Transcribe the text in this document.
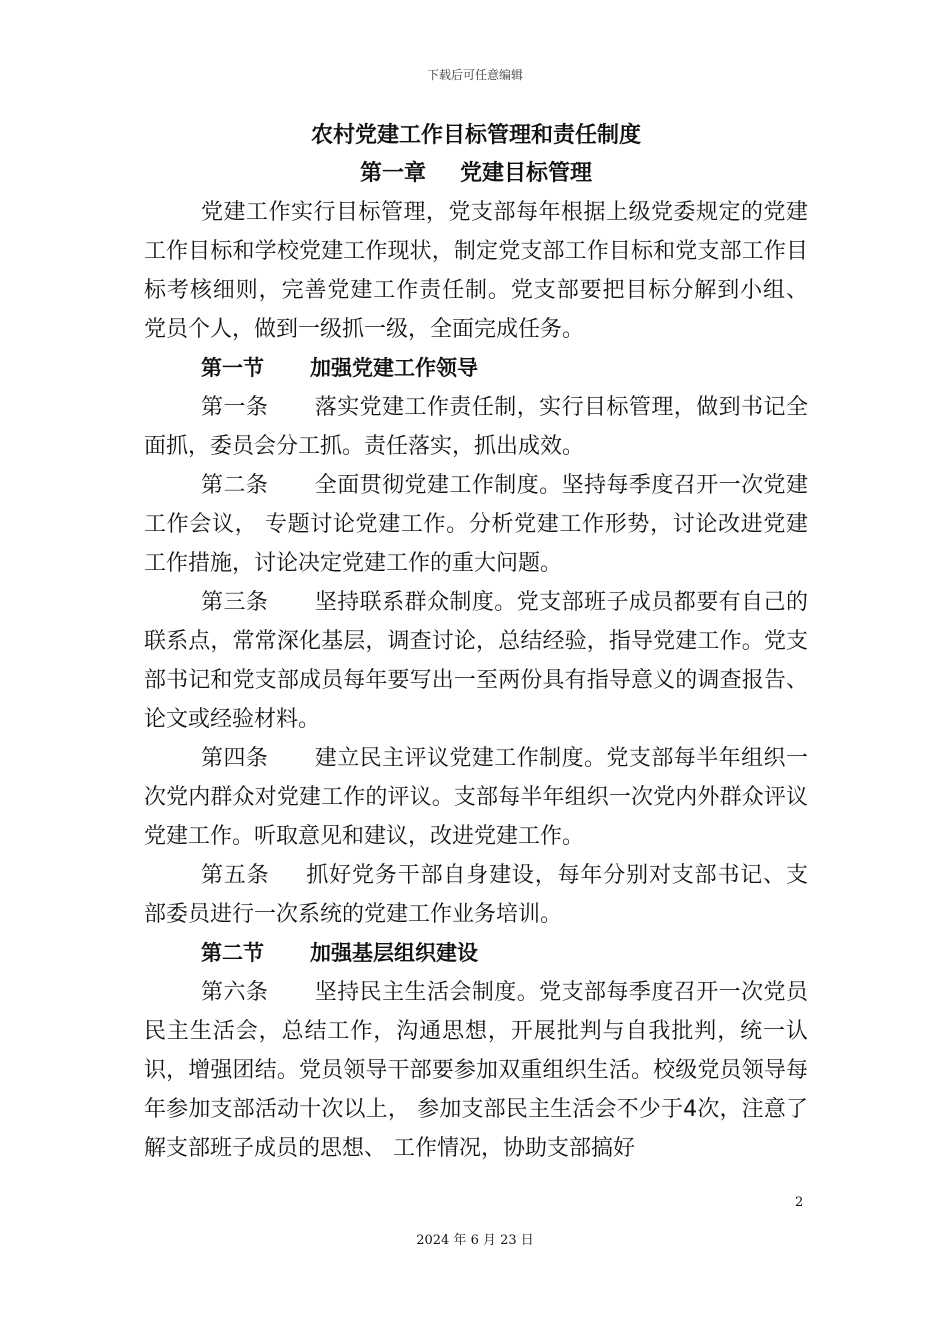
下载后可任意编辑
农村党建工作目标管理和责任制度
第一章 党建目标管理

党建工作实行目标管理，党支部每年根据上级党委规定的党建工作目标和学校党建工作现状，制定党支部工作目标和党支部工作目标考核细则，完善党建工作责任制。党支部要把目标分解到小组、 党员个人，做到一级抓一级，全面完成任务。

第一节 加强党建工作领导

第一条 落实党建工作责任制，实行目标管理，做到书记全面抓，委员会分工抓。责任落实，抓出成效。

第二条 全面贯彻党建工作制度。坚持每季度召开一次党建工作会议， 专题讨论党建工作。分析党建工作形势，讨论改进党建工作措施，讨论决定党建工作的重大问题。

第三条 坚持联系群众制度。党支部班子成员都要有自己的联系点，常常深化基层，调查讨论，总结经验，指导党建工作。党支部书记和党支部成员每年要写出一至两份具有指导意义的调查报告、 论文或经验材料。

第四条 建立民主评议党建工作制度。党支部每半年组织一次党内群众对党建工作的评议。支部每半年组织一次党内外群众评议党建工作。听取意见和建议，改进党建工作。

第五条 抓好党务干部自身建设，每年分别对支部书记、支部委员进行一次系统的党建工作业务培训。

第二节 加强基层组织建设

第六条 坚持民主生活会制度。党支部每季度召开一次党员民主生活会，总结工作，沟通思想，开展批判与自我批判，统一认识，增强团结。党员领导干部要参加双重组织生活。校级党员领导每年参加支部活动十次以上， 参加支部民主生活会不少于4次，注意了解支部班子成员的思想、 工作情况，协助支部搞好

2
2024 年 6 月 23 日
